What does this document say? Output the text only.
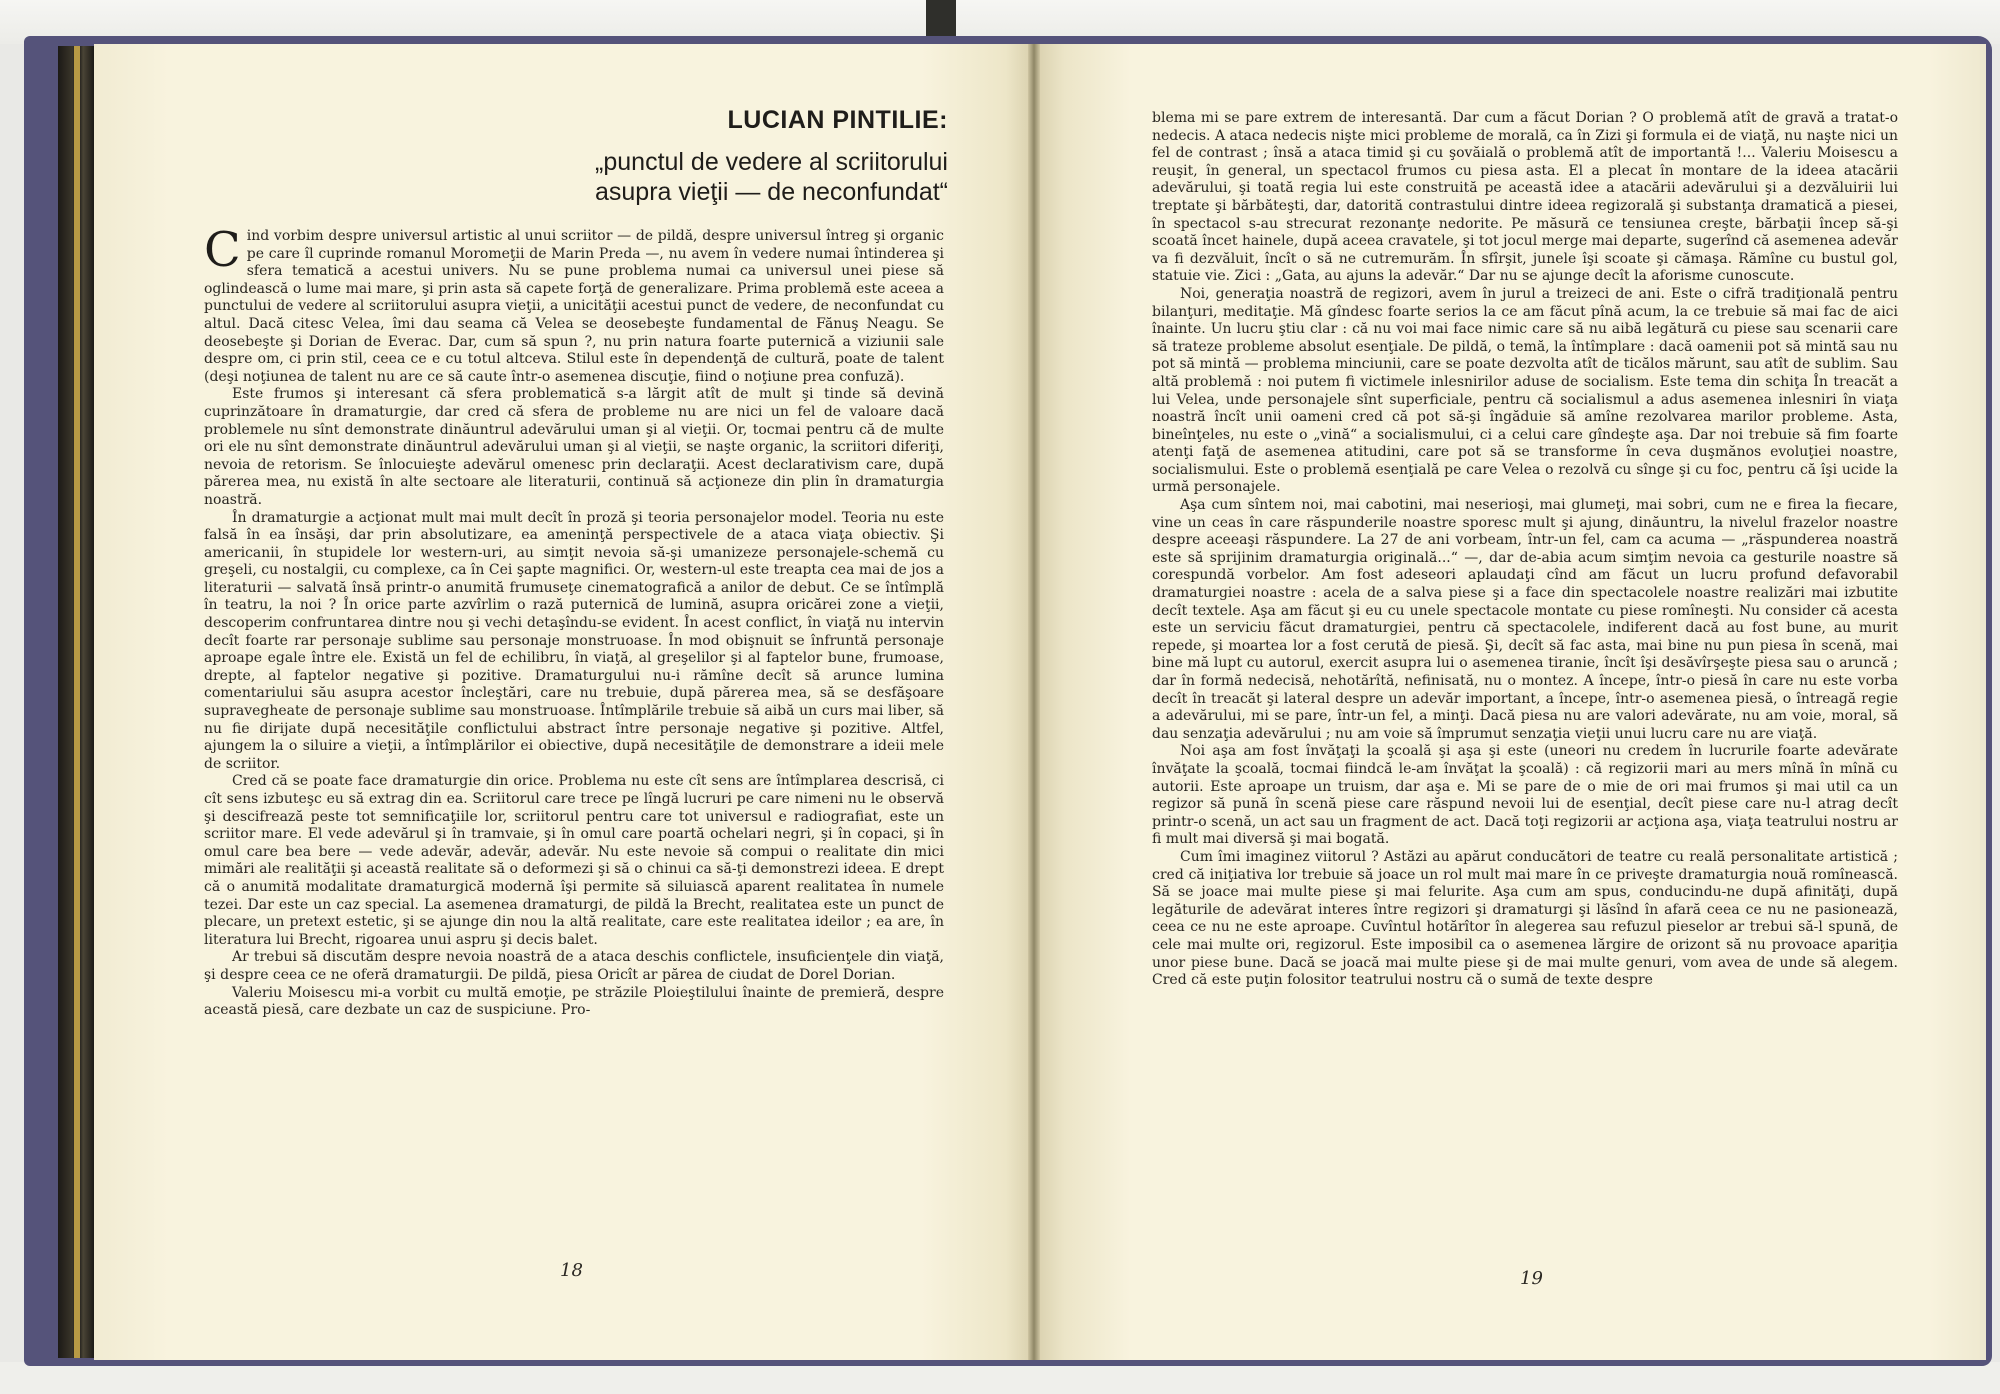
LUCIAN PINTILIE:
„punctul de vedere al scriitorului
asupra vieţii — de neconfundat“

Cind vorbim despre universul artistic al unui scriitor — de pildă, despre universul întreg şi organic pe care îl cuprinde romanul Moromeţii de Marin Preda —, nu avem în vedere numai întinderea şi sfera tematică a acestui univers. Nu se pune problema numai ca universul unei piese să oglindească o lume mai mare, şi prin asta să capete forţă de generalizare. Prima problemă este aceea a punctului de vedere al scriitorului asupra vieţii, a unicităţii acestui punct de vedere, de neconfundat cu altul. Dacă citesc Velea, îmi dau seama că Velea se deosebeşte fundamental de Fănuş Neagu. Se deosebeşte şi Dorian de Everac. Dar, cum să spun ?, nu prin natura foarte puternică a viziunii sale despre om, ci prin stil, ceea ce e cu totul altceva. Stilul este în dependenţă de cultură, poate de talent (deşi noţiunea de talent nu are ce să caute într-o asemenea discuţie, fiind o noţiune prea confuză).

Este frumos şi interesant că sfera problematică s-a lărgit atît de mult şi tinde să devină cuprinzătoare în dramaturgie, dar cred că sfera de probleme nu are nici un fel de valoare dacă problemele nu sînt demonstrate dinăuntrul adevărului uman şi al vieţii. Or, tocmai pentru că de multe ori ele nu sînt demonstrate dinăuntrul adevărului uman şi al vieţii, se naşte organic, la scriitori diferiţi, nevoia de retorism. Se înlocuieşte adevărul omenesc prin declaraţii. Acest declarativism care, după părerea mea, nu există în alte sectoare ale literaturii, continuă să acţioneze din plin în dramaturgia noastră.

În dramaturgie a acţionat mult mai mult decît în proză şi teoria personajelor model. Teoria nu este falsă în ea însăşi, dar prin absolutizare, ea ameninţă perspectivele de a ataca viaţa obiectiv. Şi americanii, în stupidele lor western-uri, au simţit nevoia să-şi umanizeze personajele-schemă cu greşeli, cu nostalgii, cu complexe, ca în Cei şapte magnifici. Or, western-ul este treapta cea mai de jos a literaturii — salvată însă printr-o anumită frumuseţe cinematografică a anilor de debut. Ce se întîmplă în teatru, la noi ? În orice parte azvîrlim o rază puternică de lumină, asupra oricărei zone a vieţii, descoperim confruntarea dintre nou şi vechi detaşîndu-se evident. În acest conflict, în viaţă nu intervin decît foarte rar personaje sublime sau personaje monstruoase. În mod obişnuit se înfruntă personaje aproape egale între ele. Există un fel de echilibru, în viaţă, al greşelilor şi al faptelor bune, frumoase, drepte, al faptelor negative şi pozitive. Dramaturgului nu-i rămîne decît să arunce lumina comentariului său asupra acestor încleştări, care nu trebuie, după părerea mea, să se desfăşoare supravegheate de personaje sublime sau monstruoase. Întîmplările trebuie să aibă un curs mai liber, să nu fie dirijate după necesităţile conflictului abstract între personaje negative şi pozitive. Altfel, ajungem la o siluire a vieţii, a întîmplărilor ei obiective, după necesităţile de demonstrare a ideii mele de scriitor.

Cred că se poate face dramaturgie din orice. Problema nu este cît sens are întîmplarea descrisă, ci cît sens izbuteşc eu să extrag din ea. Scriitorul care trece pe lîngă lucruri pe care nimeni nu le observă şi descifrează peste tot semnificaţiile lor, scriitorul pentru care tot universul e radiografiat, este un scriitor mare. El vede adevărul şi în tramvaie, şi în omul care poartă ochelari negri, şi în copaci, şi în omul care bea bere — vede adevăr, adevăr, adevăr. Nu este nevoie să compui o realitate din mici mimări ale realităţii şi această realitate să o deformezi şi să o chinui ca să-ţi demonstrezi ideea. E drept că o anumită modalitate dramaturgică modernă îşi permite să siluiască aparent realitatea în numele tezei. Dar este un caz special. La asemenea dramaturgi, de pildă la Brecht, realitatea este un punct de plecare, un pretext estetic, şi se ajunge din nou la altă realitate, care este realitatea ideilor ; ea are, în literatura lui Brecht, rigoarea unui aspru şi decis balet.

Ar trebui să discutăm despre nevoia noastră de a ataca deschis conflictele, insuficienţele din viaţă, şi despre ceea ce ne oferă dramaturgii. De pildă, piesa Oricît ar părea de ciudat de Dorel Dorian.

Valeriu Moisescu mi-a vorbit cu multă emoţie, pe străzile Ploieştilului înainte de premieră, despre această piesă, care dezbate un caz de suspiciune. Pro-

18

blema mi se pare extrem de interesantă. Dar cum a făcut Dorian ? O problemă atît de gravă a tratat-o nedecis. A ataca nedecis nişte mici probleme de morală, ca în Zizi şi formula ei de viaţă, nu naşte nici un fel de contrast ; însă a ataca timid şi cu şovăială o problemă atît de importantă !... Valeriu Moisescu a reuşit, în general, un spectacol frumos cu piesa asta. El a plecat în montare de la ideea atacării adevărului, şi toată regia lui este construită pe această idee a atacării adevărului şi a dezvăluirii lui treptate şi bărbăteşti, dar, datorită contrastului dintre ideea regizorală şi substanţa dramatică a piesei, în spectacol s-au strecurat rezonanţe nedorite. Pe măsură ce tensiunea creşte, bărbaţii încep să-şi scoată încet hainele, după aceea cravatele, şi tot jocul merge mai departe, sugerînd că asemenea adevăr va fi dezvăluit, încît o să ne cutremurăm. În sfîrşit, junele îşi scoate şi cămaşa. Rămîne cu bustul gol, statuie vie. Zici : „Gata, au ajuns la adevăr.“ Dar nu se ajunge decît la aforisme cunoscute.

Noi, generaţia noastră de regizori, avem în jurul a treizeci de ani. Este o cifră tradiţională pentru bilanţuri, meditaţie. Mă gîndesc foarte serios la ce am făcut pînă acum, la ce trebuie să mai fac de aici înainte. Un lucru ştiu clar : că nu voi mai face nimic care să nu aibă legătură cu piese sau scenarii care să trateze probleme absolut esenţiale. De pildă, o temă, la întîmplare : dacă oamenii pot să mintă sau nu pot să mintă — problema minciunii, care se poate dezvolta atît de ticălos mărunt, sau atît de sublim. Sau altă problemă : noi putem fi victimele inlesnirilor aduse de socialism. Este tema din schiţa În treacăt a lui Velea, unde personajele sînt superficiale, pentru că socialismul a adus asemenea inlesniri în viaţa noastră încît unii oameni cred că pot să-şi îngăduie să amîne rezolvarea marilor probleme. Asta, bineînţeles, nu este o „vină“ a socialismului, ci a celui care gîndeşte aşa. Dar noi trebuie să fim foarte atenţi faţă de asemenea atitudini, care pot să se transforme în ceva duşmănos evoluţiei noastre, socialismului. Este o problemă esenţială pe care Velea o rezolvă cu sînge şi cu foc, pentru că îşi ucide la urmă personajele.

Aşa cum sîntem noi, mai cabotini, mai neserioşi, mai glumeţi, mai sobri, cum ne e firea la fiecare, vine un ceas în care răspunderile noastre sporesc mult şi ajung, dinăuntru, la nivelul frazelor noastre despre aceeaşi răspundere. La 27 de ani vorbeam, într-un fel, cam ca acuma — „răspunderea noastră este să sprijinim dramaturgia originală...“ —, dar de-abia acum simţim nevoia ca gesturile noastre să corespundă vorbelor. Am fost adeseori aplaudaţi cînd am făcut un lucru profund defavorabil dramaturgiei noastre : acela de a salva piese şi a face din spectacolele noastre realizări mai izbutite decît textele. Aşa am făcut şi eu cu unele spectacole montate cu piese romîneşti. Nu consider că acesta este un serviciu făcut dramaturgiei, pentru că spectacolele, indiferent dacă au fost bune, au murit repede, şi moartea lor a fost cerută de piesă. Şi, decît să fac asta, mai bine nu pun piesa în scenă, mai bine mă lupt cu autorul, exercit asupra lui o asemenea tiranie, încît îşi desăvîrşeşte piesa sau o aruncă ; dar în formă nedecisă, nehotărîtă, nefinisată, nu o montez. A începe, într-o piesă în care nu este vorba decît în treacăt şi lateral despre un adevăr important, a începe, într-o asemenea piesă, o întreagă regie a adevărului, mi se pare, într-un fel, a minţi. Dacă piesa nu are valori adevărate, nu am voie, moral, să dau senzaţia adevărului ; nu am voie să împrumut senzaţia vieţii unui lucru care nu are viaţă.

Noi aşa am fost învăţaţi la şcoală şi aşa şi este (uneori nu credem în lucrurile foarte adevărate învăţate la şcoală, tocmai fiindcă le-am învăţat la şcoală) : că regizorii mari au mers mînă în mînă cu autorii. Este aproape un truism, dar aşa e. Mi se pare de o mie de ori mai frumos şi mai util ca un regizor să pună în scenă piese care răspund nevoii lui de esenţial, decît piese care nu-l atrag decît printr-o scenă, un act sau un fragment de act. Dacă toţi regizorii ar acţiona aşa, viaţa teatrului nostru ar fi mult mai diversă şi mai bogată.

Cum îmi imaginez viitorul ? Astăzi au apărut conducători de teatre cu reală personalitate artistică ; cred că iniţiativa lor trebuie să joace un rol mult mai mare în ce priveşte dramaturgia nouă romînească. Să se joace mai multe piese şi mai felurite. Aşa cum am spus, conducindu-ne după afinităţi, după legăturile de adevărat interes între regizori şi dramaturgi şi lăsînd în afară ceea ce nu ne pasionează, ceea ce nu ne este aproape. Cuvîntul hotărîtor în alegerea sau refuzul pieselor ar trebui să-l spună, de cele mai multe ori, regizorul. Este imposibil ca o asemenea lărgire de orizont să nu provoace apariţia unor piese bune. Dacă se joacă mai multe piese şi de mai multe genuri, vom avea de unde să alegem. Cred că este puţin folositor teatrului nostru că o sumă de texte despre

19
